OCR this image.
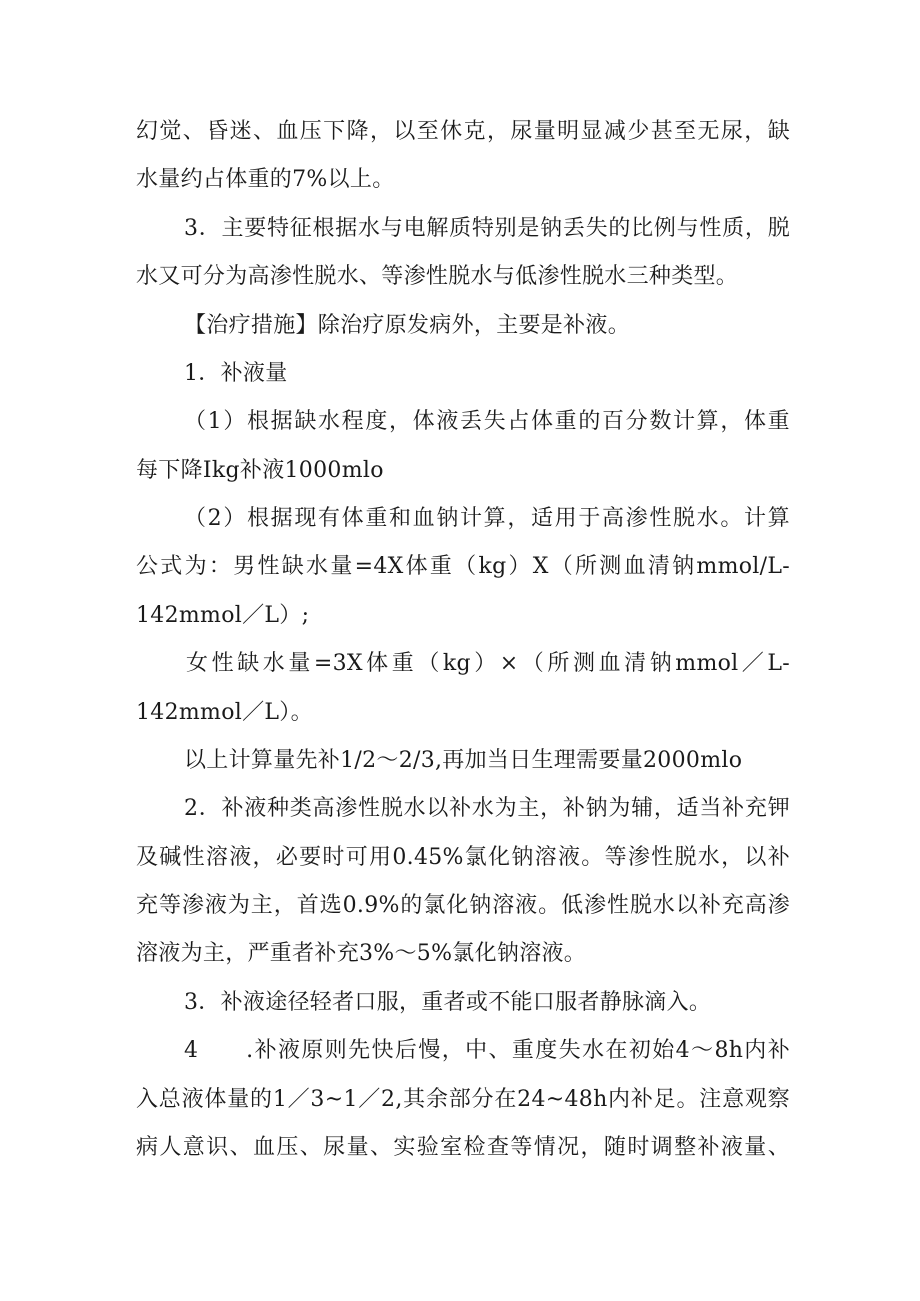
幻觉、昏迷、血压下降，以至休克，尿量明显减少甚至无尿，缺
水量约占体重的7%以上。
3．主要特征根据水与电解质特别是钠丢失的比例与性质，脱
水又可分为高渗性脱水、等渗性脱水与低渗性脱水三种类型。
【治疗措施】除治疗原发病外，主要是补液。
1．补液量
（1）根据缺水程度，体液丢失占体重的百分数计算，体重
每下降Ikg补液1000mlo
（2）根据现有体重和血钠计算，适用于高渗性脱水。计算
公式为：男性缺水量=4X体重（kg）X（所测血清钠mmol/L-
142mmol／L）;
女性缺水量=3X体重（kg）×（所测血清钠mmol／L-
142mmol／L）。
以上计算量先补1/2～2/3,再加当日生理需要量2000mlo
2．补液种类高渗性脱水以补水为主，补钠为辅，适当补充钾
及碱性溶液，必要时可用0.45%氯化钠溶液。等渗性脱水，以补
充等渗液为主，首选0.9%的氯化钠溶液。低渗性脱水以补充高渗
溶液为主，严重者补充3%～5%氯化钠溶液。
3．补液途径轻者口服，重者或不能口服者静脉滴入。
4　　.补液原则先快后慢，中、重度失水在初始4～8h内补
入总液体量的1／3~1／2,其余部分在24~48h内补足。注意观察
病人意识、血压、尿量、实验室检查等情况，随时调整补液量、
